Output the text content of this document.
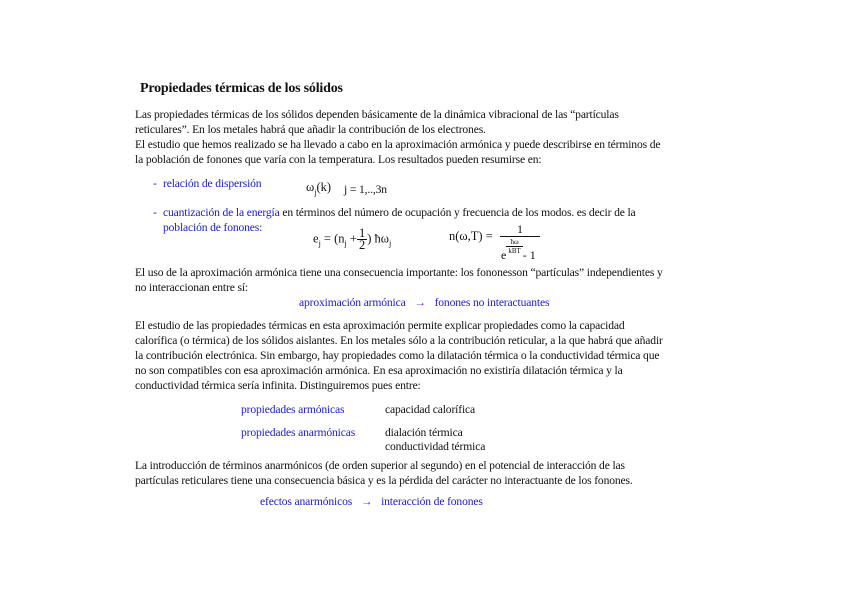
Propiedades térmicas de los sólidos
Las propiedades térmicas de los sólidos dependen básicamente de la dinámica vibracional de las “partículas
reticulares”. En los metales habrá que añadir la contribución de los electrones.
El estudio que hemos realizado se ha llevado a cabo en la aproximación armónica y puede describirse en términos de
la población de fonones que varía con la temperatura. Los resultados pueden resumirse en:
- relación de dispersión	$\omega_j(k) j = 1,..,3n$
- cuantización de la energía en términos del número de ocupación y frecuencia de los modos. es decir de la
población de fonones:
$e_j = (n_j + \frac{1}{2}$ ) $ħ\omega_j$
n(ω,T) =	1
e
$\frac{ħ\omega}{\text{kBT}}$
- 1
El uso de la aproximación armónica tiene una consecuencia importante: los fononesson “partículas” independientes y
no interaccionan entre sí:
aproximación armónica → fonones no interactuantes
El estudio de las propiedades térmicas en esta aproximación permite explicar propiedades como la capacidad
calorífica (o térmica) de los sólidos aislantes. En los metales sólo a la contribución reticular, a la que habrá que añadir
la contribución electrónica. Sin embargo, hay propiedades como la dilatación térmica o la conductividad térmica que
no son compatibles con esa aproximación armónica. En esa aproximación no existiría dilatación térmica y la
conductividad térmica sería infinita. Distinguiremos pues entre:
propiedades armónicas	capacidad calorífica
propiedades anarmónicas	dialación térmica
conductividad térmica
La introducción de términos anarmónicos (de orden superior al segundo) en el potencial de interacción de las
partículas reticulares tiene una consecuencia básica y es la pérdida del carácter no interactuante de los fonones.
efectos anarmónicos → interacción de fonones
